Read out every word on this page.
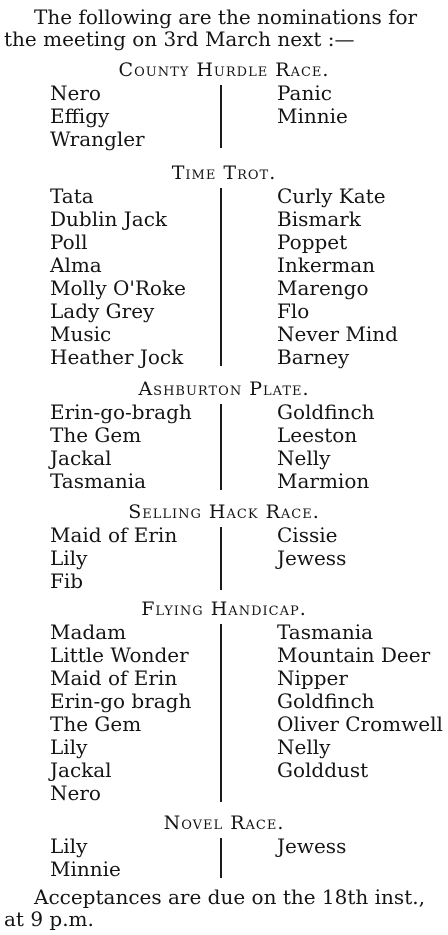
The following are the nominations for
the meeting on 3rd March next :—
Acceptances are due on the 18th inst.,
at 9 p.m.
County Hurdle Race.
Nero
Effigy
Wrangler
Panic
Minnie
Time Trot.
Tata
Dublin Jack
Poll
Alma
Molly O'Roke
Lady Grey
Music
Heather Jock
Curly Kate
Bismark
Poppet
Inkerman
Marengo
Flo
Never Mind
Barney
Ashburton Plate.
Erin-go-bragh
The Gem
Jackal
Tasmania
Goldfinch
Leeston
Nelly
Marmion
Selling Hack Race.
Maid of Erin
Lily
Fib
Cissie
Jewess
Flying Handicap.
Madam
Little Wonder
Maid of Erin
Erin-go bragh
The Gem
Lily
Jackal
Nero
Tasmania
Mountain Deer
Nipper
Goldfinch
Oliver Cromwell
Nelly
Golddust
Novel Race.
Lily
Minnie
Jewess
